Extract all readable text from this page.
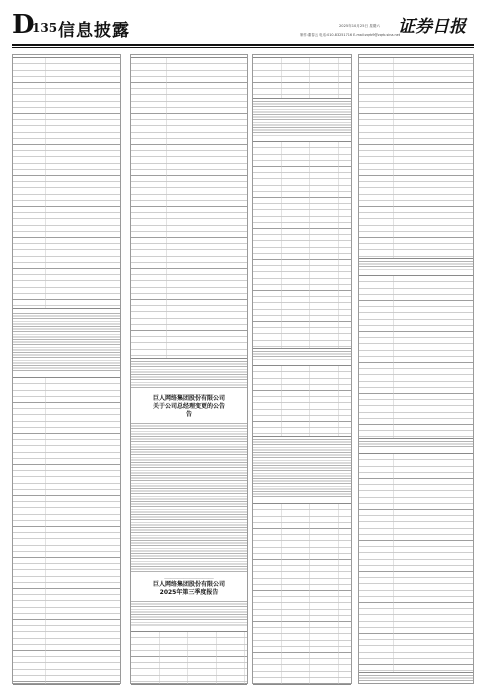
D
135 信息披露	2025年10月25日 星期六
制作:董春云 电话:010-83251716 E-mail:zqrb9@zqrb.sina.net
证券日报
_______________________________
巨人网络集团股份有限公司
关于公司总经理变更的公告
告
_______________________________
巨人网络集团股份有限公司
2025年第三季度报告
